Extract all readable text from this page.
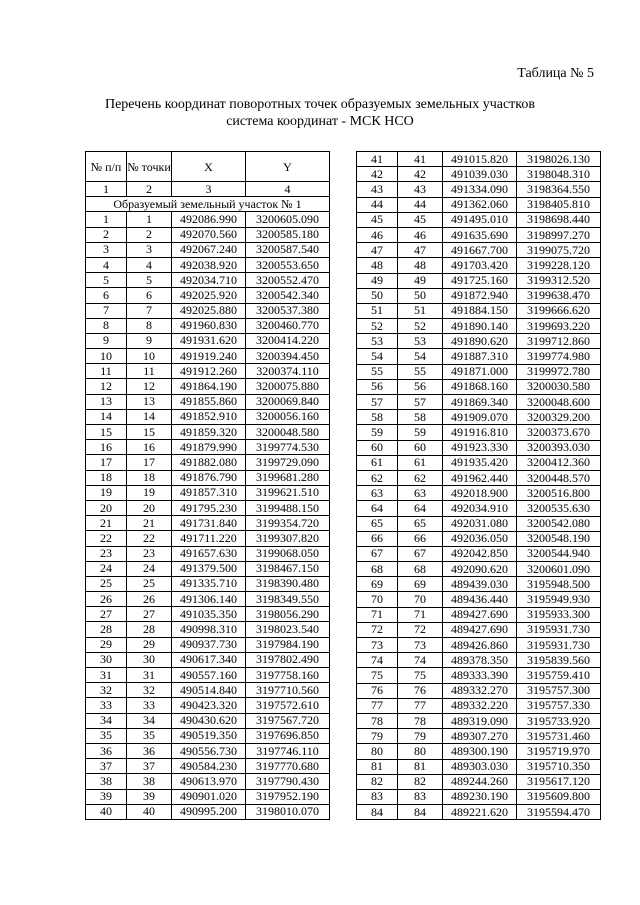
Таблица № 5
Перечень координат поворотных точек образуемых земельных участков
система координат - МСК НСО
№ п/п	№ точки	X	Y
1	2	3	4
Образуемый земельный участок № 1			
1	1	492086.990	3200605.090
2	2	492070.560	3200585.180
3	3	492067.240	3200587.540
4	4	492038.920	3200553.650
5	5	492034.710	3200552.470
6	6	492025.920	3200542.340
7	7	492025.880	3200537.380
8	8	491960.830	3200460.770
9	9	491931.620	3200414.220
10	10	491919.240	3200394.450
11	11	491912.260	3200374.110
12	12	491864.190	3200075.880
13	13	491855.860	3200069.840
14	14	491852.910	3200056.160
15	15	491859.320	3200048.580
16	16	491879.990	3199774.530
17	17	491882.080	3199729.090
18	18	491876.790	3199681.280
19	19	491857.310	3199621.510
20	20	491795.230	3199488.150
21	21	491731.840	3199354.720
22	22	491711.220	3199307.820
23	23	491657.630	3199068.050
24	24	491379.500	3198467.150
25	25	491335.710	3198390.480
26	26	491306.140	3198349.550
27	27	491035.350	3198056.290
28	28	490998.310	3198023.540
29	29	490937.730	3197984.190
30	30	490617.340	3197802.490
31	31	490557.160	3197758.160
32	32	490514.840	3197710.560
33	33	490423.320	3197572.610
34	34	490430.620	3197567.720
35	35	490519.350	3197696.850
36	36	490556.730	3197746.110
37	37	490584.230	3197770.680
38	38	490613.970	3197790.430
39	39	490901.020	3197952.190
40	40	490995.200	3198010.070
41	41	491015.820	3198026.130
42	42	491039.030	3198048.310
43	43	491334.090	3198364.550
44	44	491362.060	3198405.810
45	45	491495.010	3198698.440
46	46	491635.690	3198997.270
47	47	491667.700	3199075.720
48	48	491703.420	3199228.120
49	49	491725.160	3199312.520
50	50	491872.940	3199638.470
51	51	491884.150	3199666.620
52	52	491890.140	3199693.220
53	53	491890.620	3199712.860
54	54	491887.310	3199774.980
55	55	491871.000	3199972.780
56	56	491868.160	3200030.580
57	57	491869.340	3200048.600
58	58	491909.070	3200329.200
59	59	491916.810	3200373.670
60	60	491923.330	3200393.030
61	61	491935.420	3200412.360
62	62	491962.440	3200448.570
63	63	492018.900	3200516.800
64	64	492034.910	3200535.630
65	65	492031.080	3200542.080
66	66	492036.050	3200548.190
67	67	492042.850	3200544.940
68	68	492090.620	3200601.090
69	69	489439.030	3195948.500
70	70	489436.440	3195949.930
71	71	489427.690	3195933.300
72	72	489427.690	3195931.730
73	73	489426.860	3195931.730
74	74	489378.350	3195839.560
75	75	489333.390	3195759.410
76	76	489332.270	3195757.300
77	77	489332.220	3195757.330
78	78	489319.090	3195733.920
79	79	489307.270	3195731.460
80	80	489300.190	3195719.970
81	81	489303.030	3195710.350
82	82	489244.260	3195617.120
83	83	489230.190	3195609.800
84	84	489221.620	3195594.470
